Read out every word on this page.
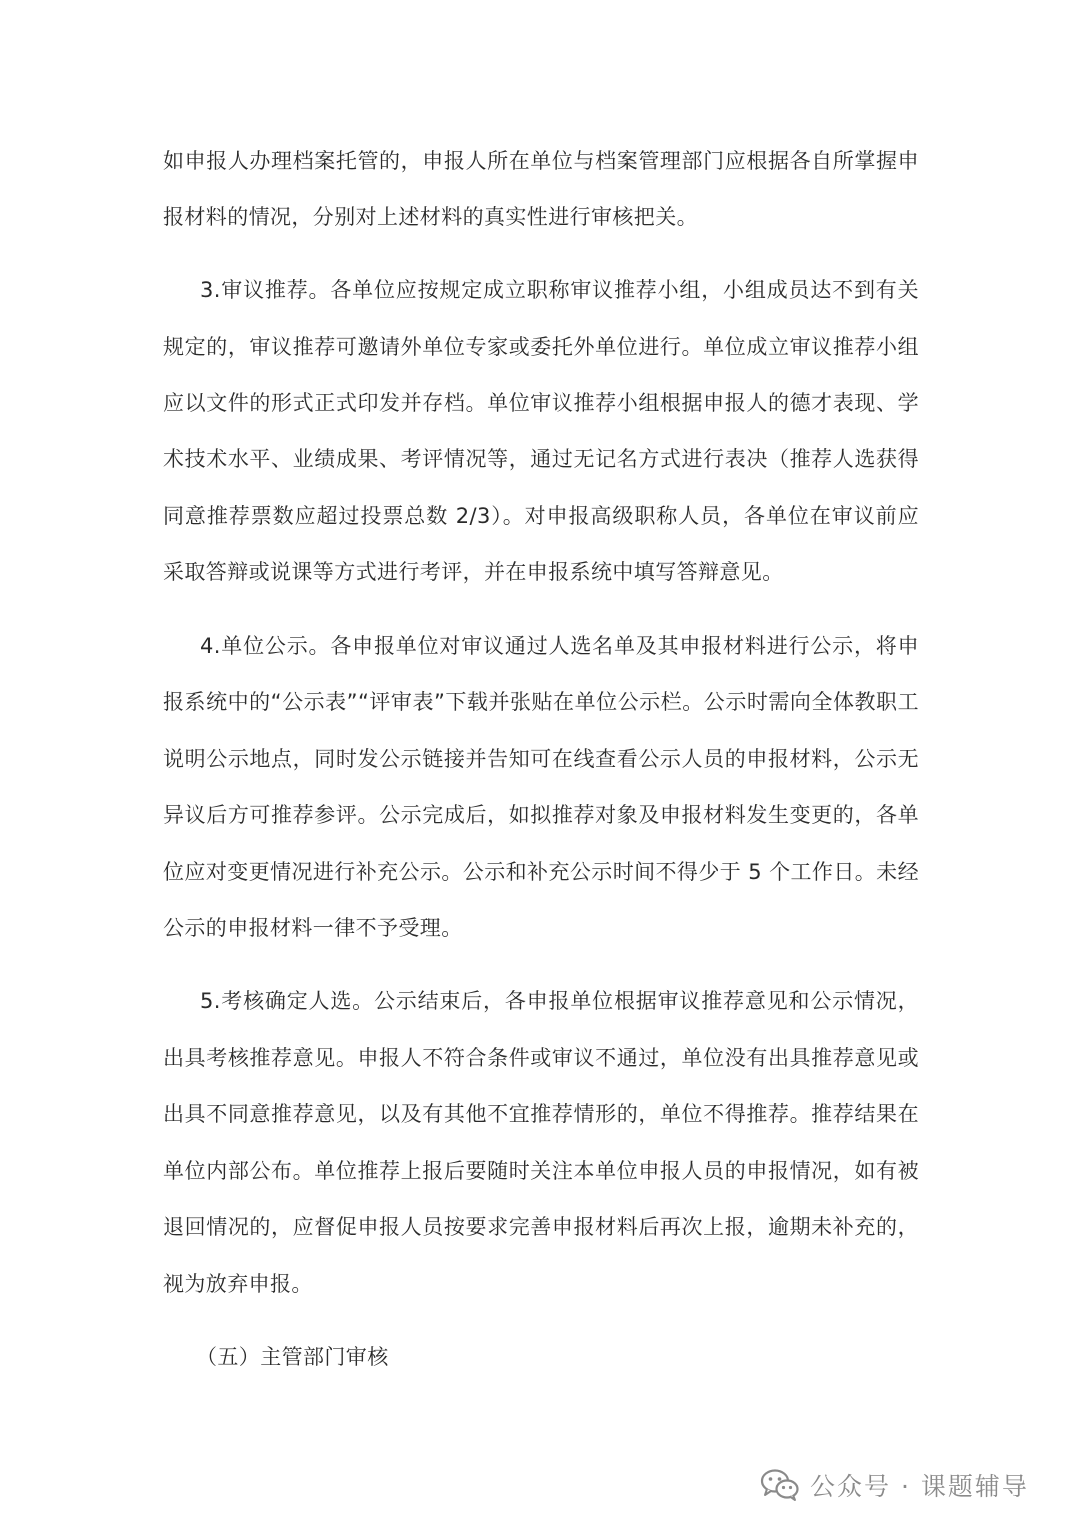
如申报人办理档案托管的，申报人所在单位与档案管理部门应根据各自所掌握申
报材料的情况，分别对上述材料的真实性进行审核把关。
3.审议推荐。各单位应按规定成立职称审议推荐小组，小组成员达不到有关
规定的，审议推荐可邀请外单位专家或委托外单位进行。单位成立审议推荐小组
应以文件的形式正式印发并存档。单位审议推荐小组根据申报人的德才表现、学
术技术水平、业绩成果、考评情况等，通过无记名方式进行表决（推荐人选获得
同意推荐票数应超过投票总数 2/3）。对申报高级职称人员，各单位在审议前应
采取答辩或说课等方式进行考评，并在申报系统中填写答辩意见。
4.单位公示。各申报单位对审议通过人选名单及其申报材料进行公示，将申
报系统中的“公示表”“评审表”下载并张贴在单位公示栏。公示时需向全体教职工
说明公示地点，同时发公示链接并告知可在线查看公示人员的申报材料，公示无
异议后方可推荐参评。公示完成后，如拟推荐对象及申报材料发生变更的，各单
位应对变更情况进行补充公示。公示和补充公示时间不得少于 5 个工作日。未经
公示的申报材料一律不予受理。
5.考核确定人选。公示结束后，各申报单位根据审议推荐意见和公示情况，
出具考核推荐意见。申报人不符合条件或审议不通过，单位没有出具推荐意见或
出具不同意推荐意见，以及有其他不宜推荐情形的，单位不得推荐。推荐结果在
单位内部公布。单位推荐上报后要随时关注本单位申报人员的申报情况，如有被
退回情况的，应督促申报人员按要求完善申报材料后再次上报，逾期未补充的，
视为放弃申报。
（五）主管部门审核
公众号 · 课题辅导
